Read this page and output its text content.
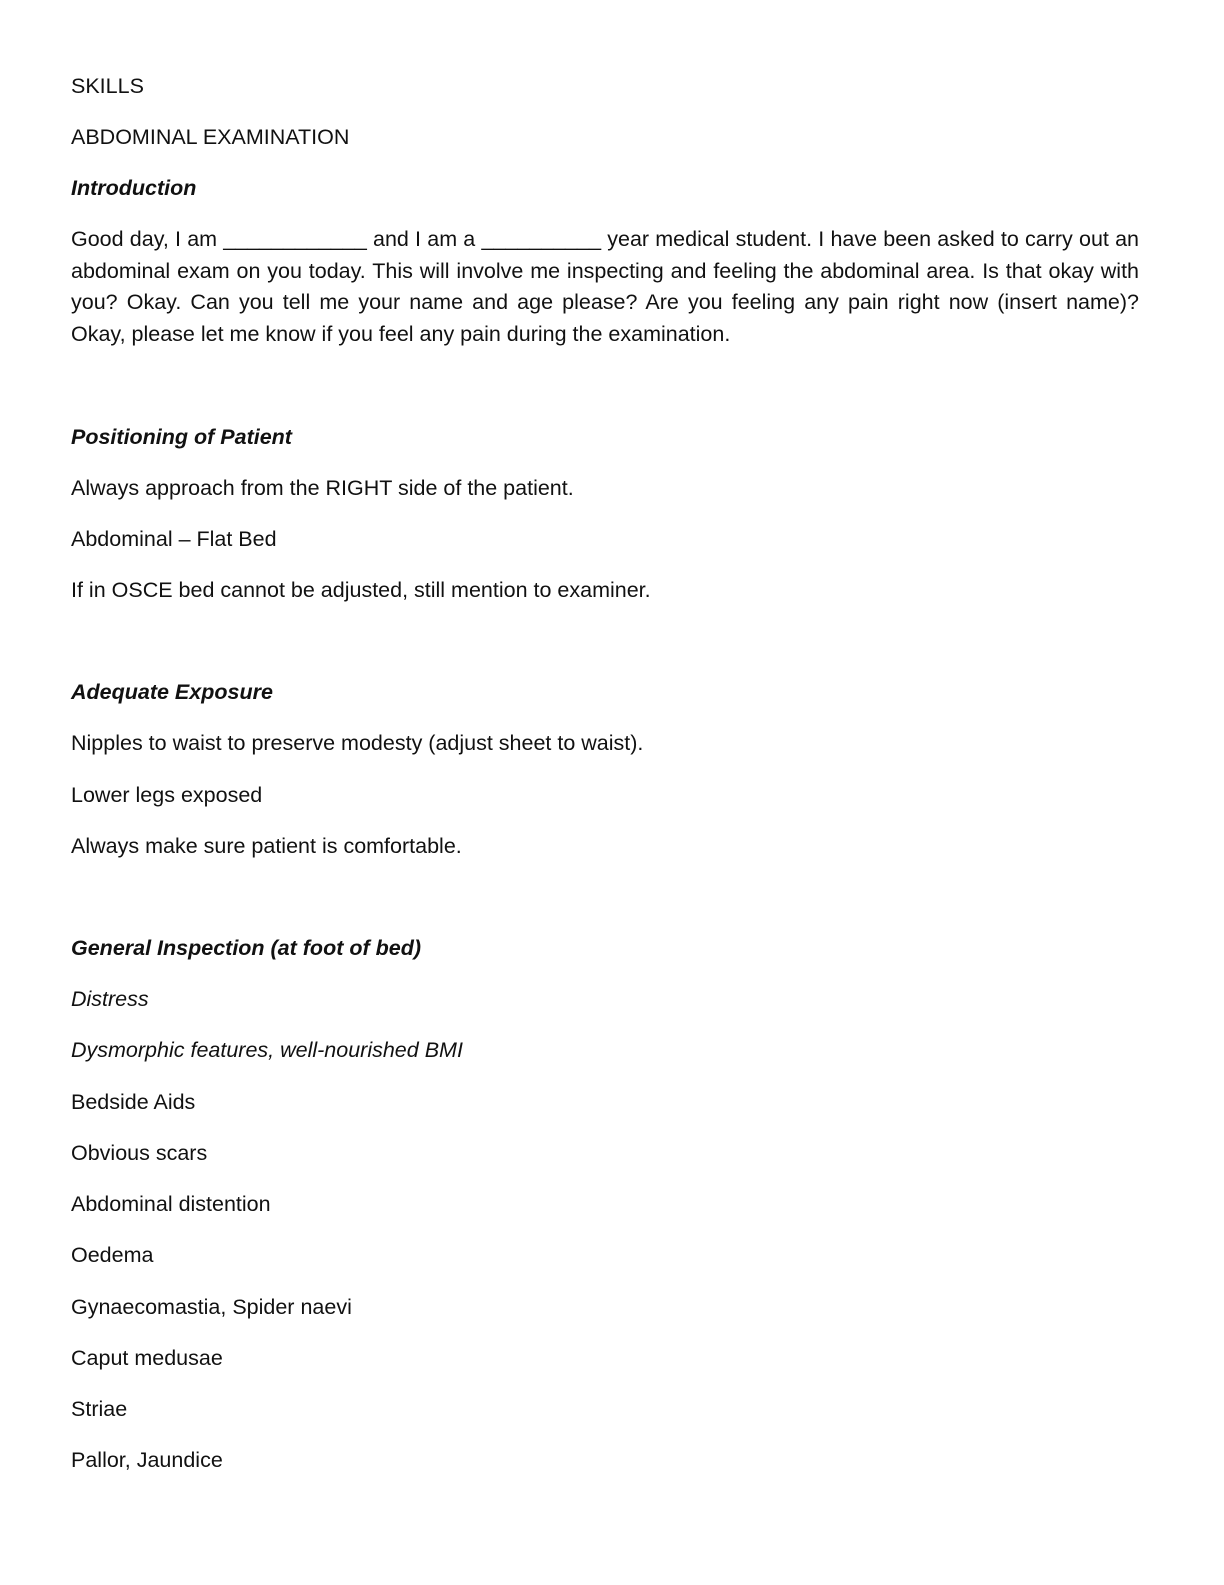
SKILLS
ABDOMINAL EXAMINATION
Introduction
Good day, I am ____________ and I am a __________ year medical student. I have been asked to carry out an abdominal exam on you today. This will involve me inspecting and feeling the abdominal area. Is that okay with you? Okay. Can you tell me your name and age please? Are you feeling any pain right now (insert name)? Okay, please let me know if you feel any pain during the examination.
Positioning of Patient
Always approach from the RIGHT side of the patient.
Abdominal – Flat Bed
If in OSCE bed cannot be adjusted, still mention to examiner.
Adequate Exposure
Nipples to waist to preserve modesty (adjust sheet to waist).
Lower legs exposed
Always make sure patient is comfortable.
General Inspection (at foot of bed)
Distress
Dysmorphic features, well-nourished BMI
Bedside Aids
Obvious scars
Abdominal distention
Oedema
Gynaecomastia, Spider naevi
Caput medusae
Striae
Pallor, Jaundice
